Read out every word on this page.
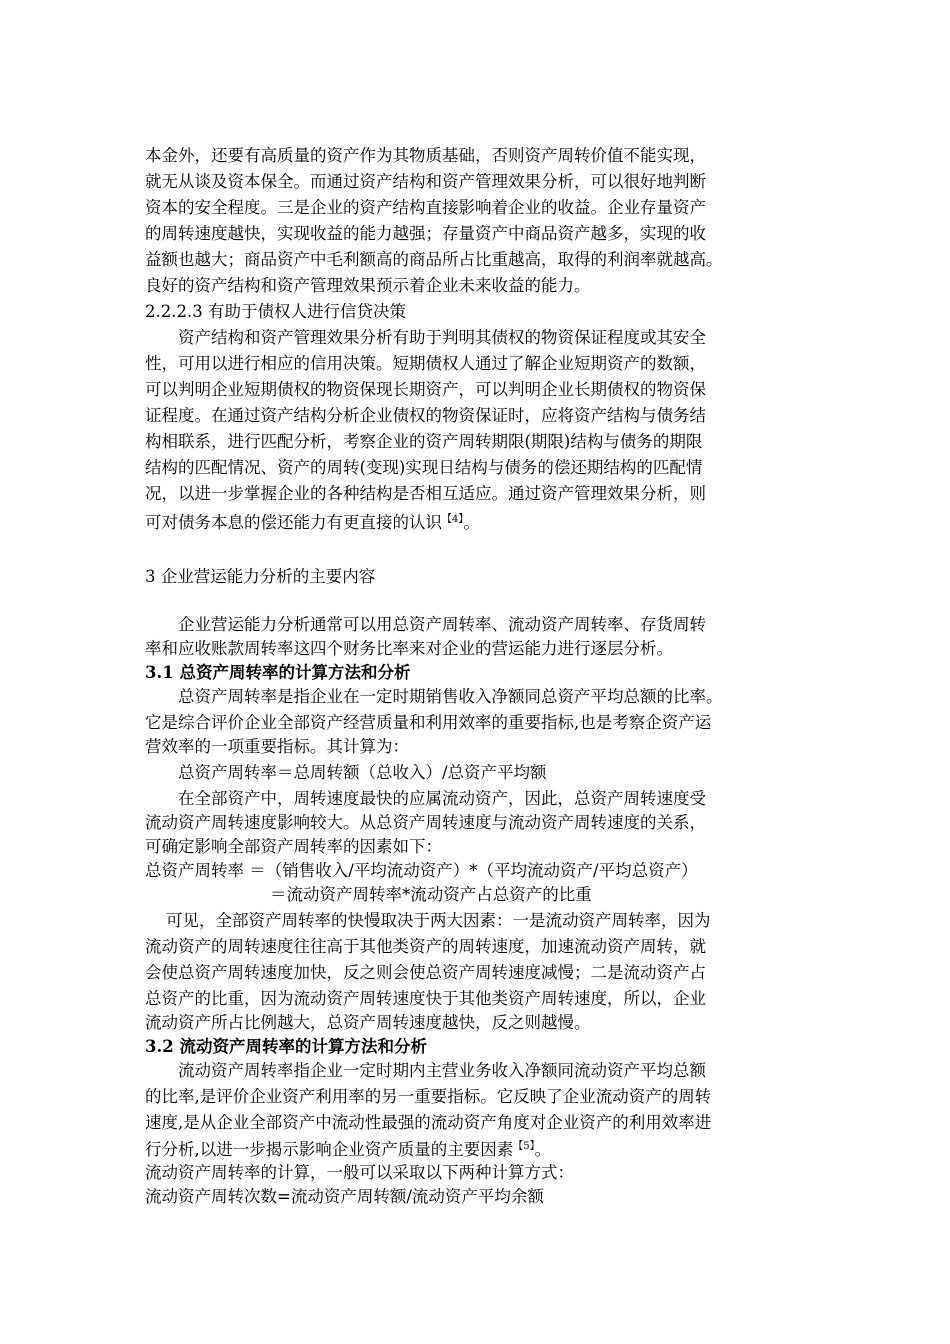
本金外，还要有高质量的资产作为其物质基础，否则资产周转价值不能实现，
就无从谈及资本保全。而通过资产结构和资产管理效果分析，可以很好地判断
资本的安全程度。三是企业的资产结构直接影响着企业的收益。企业存量资产
的周转速度越快，实现收益的能力越强；存量资产中商品资产越多，实现的收
益额也越大；商品资产中毛利额高的商品所占比重越高，取得的利润率就越高。
良好的资产结构和资产管理效果预示着企业未来收益的能力。
2.2.2.3 有助于债权人进行信贷决策
资产结构和资产管理效果分析有助于判明其债权的物资保证程度或其安全
性，可用以进行相应的信用决策。短期债权人通过了解企业短期资产的数额，
可以判明企业短期债权的物资保现长期资产，可以判明企业长期债权的物资保
证程度。在通过资产结构分析企业债权的物资保证时，应将资产结构与债务结
构相联系，进行匹配分析，考察企业的资产周转期限(期限)结构与债务的期限
结构的匹配情况、资产的周转(变现)实现日结构与债务的偿还期结构的匹配情
况，以进一步掌握企业的各种结构是否相互适应。通过资产管理效果分析，则
可对债务本息的偿还能力有更直接的认识$^{【4】}$。
3 企业营运能力分析的主要内容
企业营运能力分析通常可以用总资产周转率、流动资产周转率、存货周转
率和应收账款周转率这四个财务比率来对企业的营运能力进行逐层分析。
3.1 总资产周转率的计算方法和分析
总资产周转率是指企业在一定时期销售收入净额同总资产平均总额的比率。
它是综合评价企业全部资产经营质量和利用效率的重要指标,也是考察企资产运
营效率的一项重要指标。其计算为：
总资产周转率＝总周转额（总收入）/总资产平均额
在全部资产中，周转速度最快的应属流动资产，因此，总资产周转速度受
流动资产周转速度影响较大。从总资产周转速度与流动资产周转速度的关系，
可确定影响全部资产周转率的因素如下：
总资产周转率 ＝（销售收入/平均流动资产）*（平均流动资产/平均总资产）
＝流动资产周转率*流动资产占总资产的比重
可见，全部资产周转率的快慢取决于两大因素：一是流动资产周转率，因为
流动资产的周转速度往往高于其他类资产的周转速度，加速流动资产周转，就
会使总资产周转速度加快，反之则会使总资产周转速度减慢；二是流动资产占
总资产的比重，因为流动资产周转速度快于其他类资产周转速度，所以，企业
流动资产所占比例越大，总资产周转速度越快，反之则越慢。
3.2 流动资产周转率的计算方法和分析
流动资产周转率指企业一定时期内主营业务收入净额同流动资产平均总额
的比率,是评价企业资产利用率的另一重要指标。它反映了企业流动资产的周转
速度,是从企业全部资产中流动性最强的流动资产角度对企业资产的利用效率进
行分析,以进一步揭示影响企业资产质量的主要因素$^{【5】}$。
流动资产周转率的计算，一般可以采取以下两种计算方式：
流动资产周转次数=流动资产周转额/流动资产平均余额
